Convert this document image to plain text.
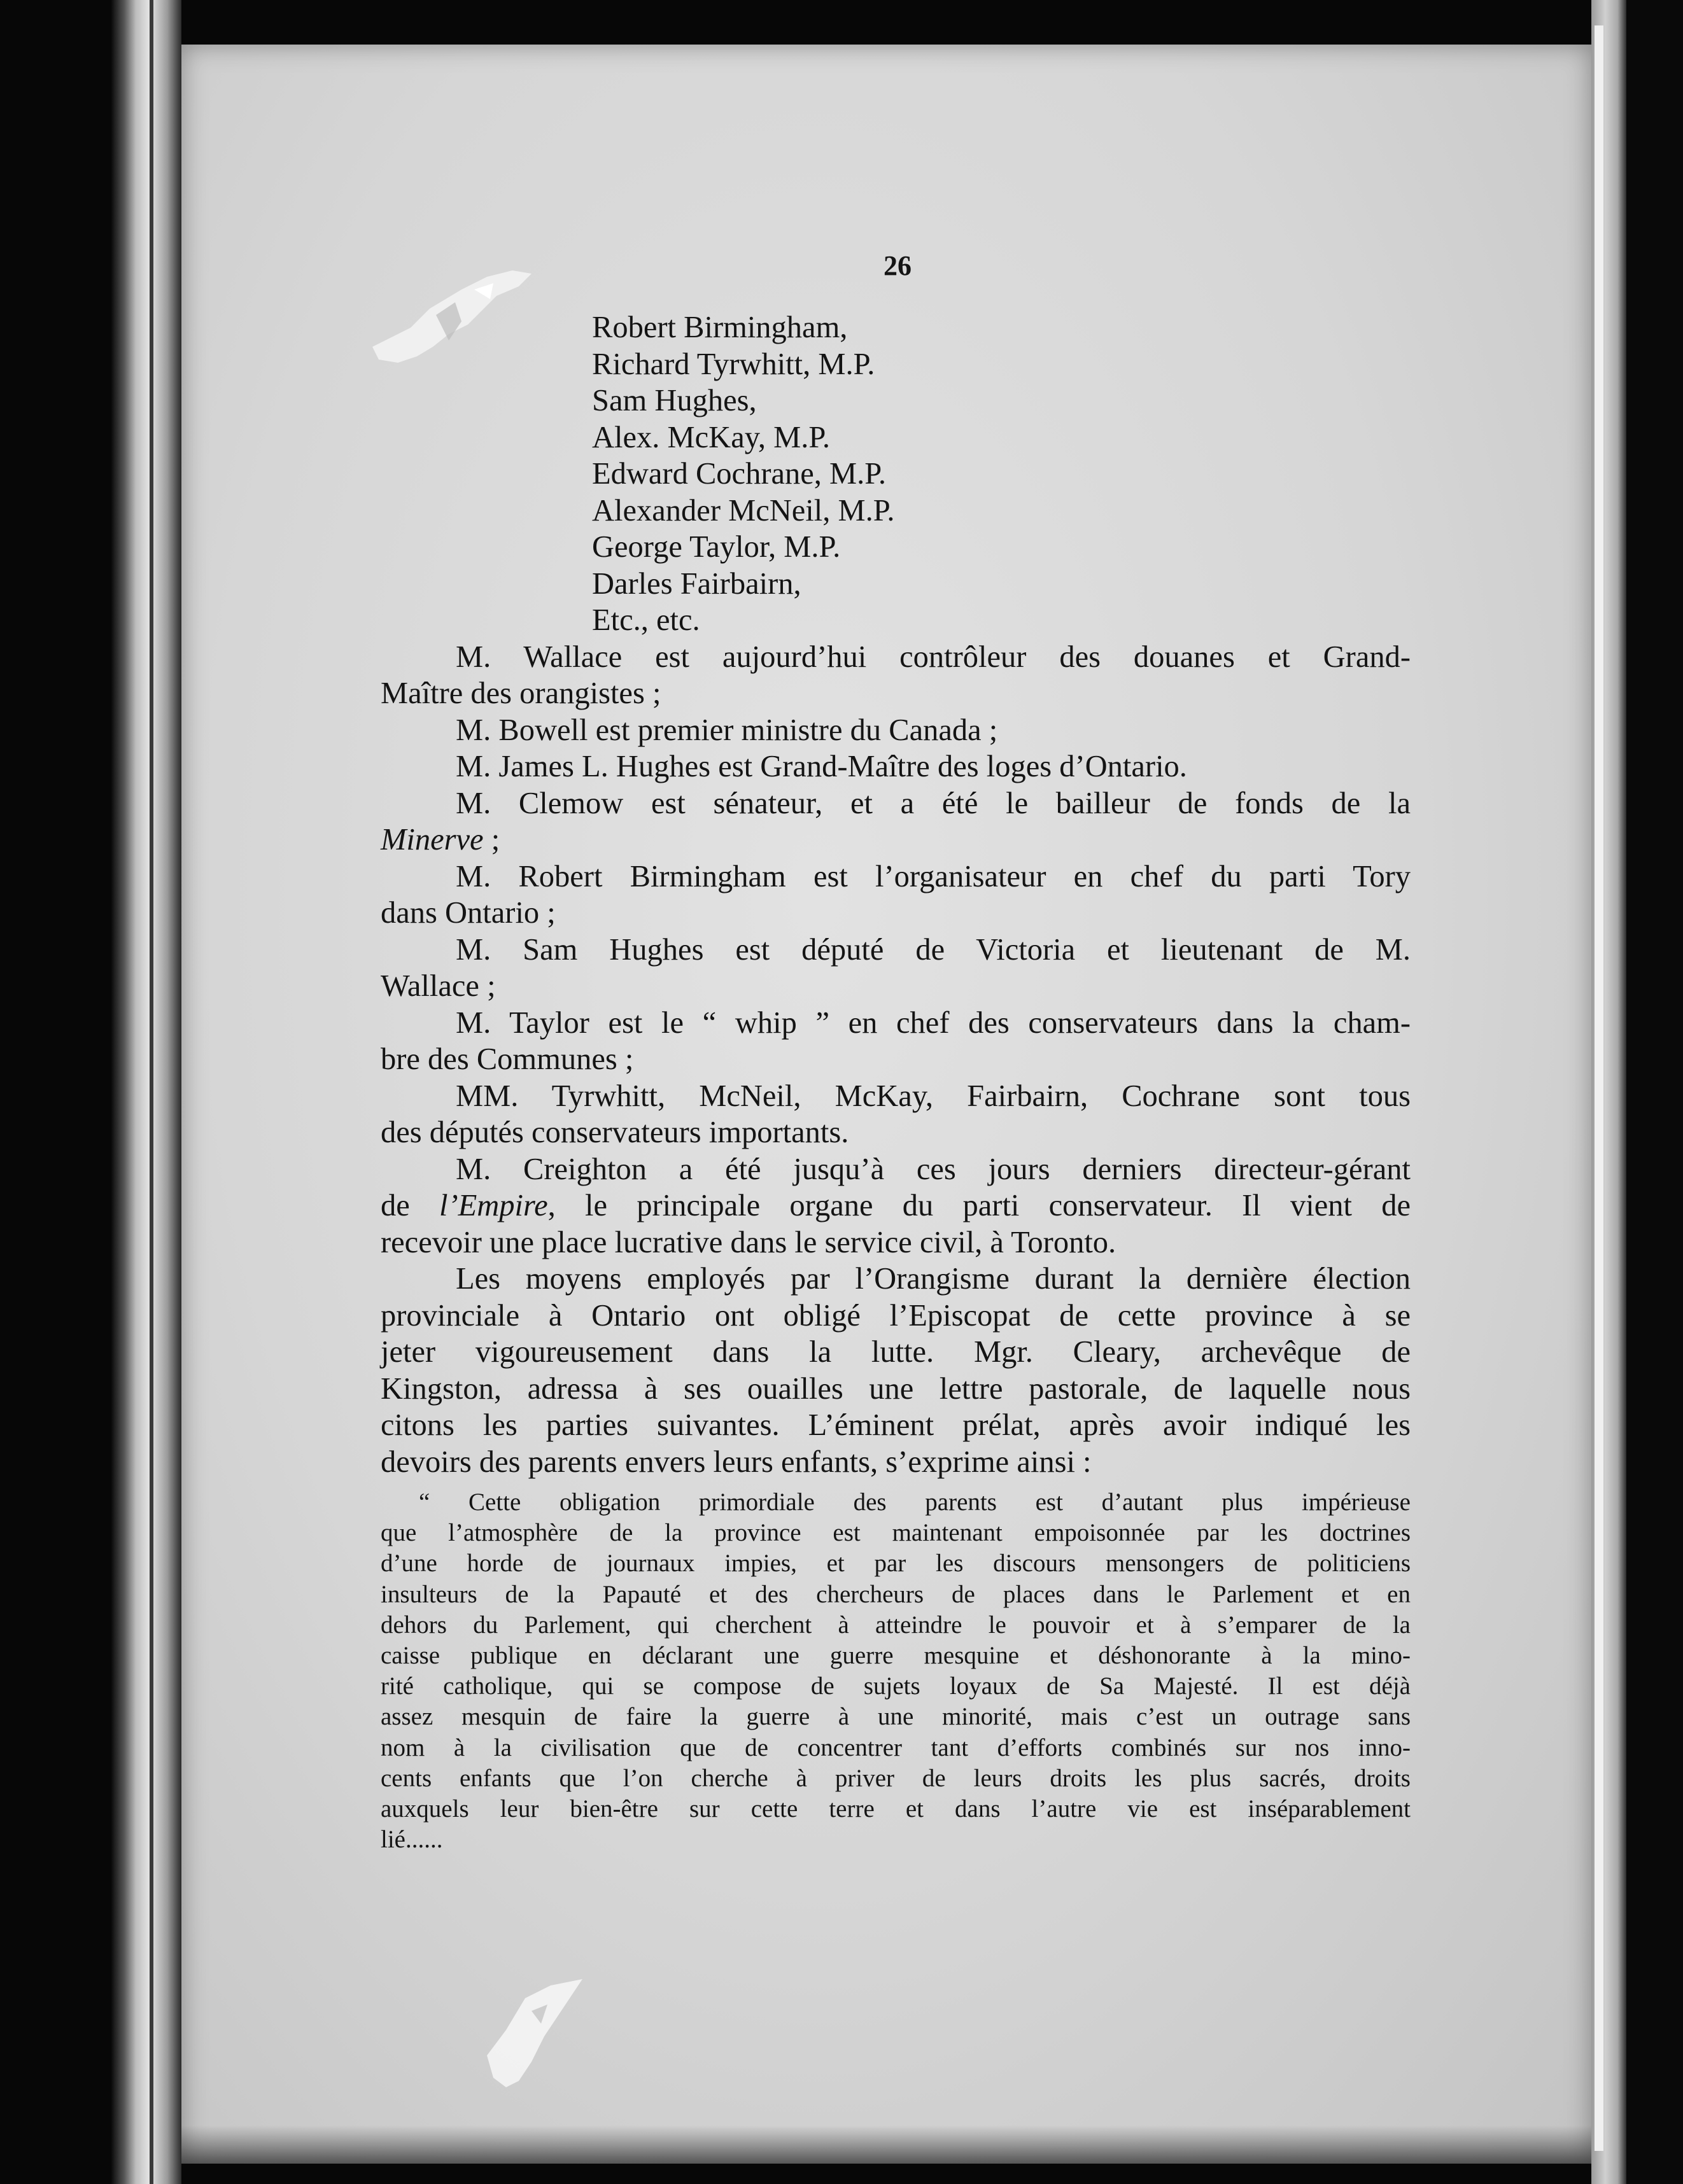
26
Robert Birmingham,
Richard Tyrwhitt, M.P.
Sam Hughes,
Alex. McKay, M.P.
Edward Cochrane, M.P.
Alexander McNeil, M.P.
George Taylor, M.P.
Darles Fairbairn,
Etc., etc.
M. Wallace est aujourd’hui contrôleur des douanes et Grand-
Maître des orangistes ;
M. Bowell est premier ministre du Canada ;
M. James L. Hughes est Grand-Maître des loges d’Ontario.
M. Clemow est sénateur, et a été le bailleur de fonds de la
Minerve ;
M. Robert Birmingham est l’organisateur en chef du parti Tory
dans Ontario ;
M. Sam Hughes est député de Victoria et lieutenant de M.
Wallace ;
M. Taylor est le “ whip ” en chef des conservateurs dans la cham-
bre des Communes ;
MM. Tyrwhitt, McNeil, McKay, Fairbairn, Cochrane sont tous
des députés conservateurs importants.
M. Creighton a été jusqu’à ces jours derniers directeur-gérant
de l’Empire, le principale organe du parti conservateur. Il vient de
recevoir une place lucrative dans le service civil, à Toronto.
Les moyens employés par l’Orangisme durant la dernière élection
provinciale à Ontario ont obligé l’Episcopat de cette province à se
jeter vigoureusement dans la lutte. Mgr. Cleary, archevêque de
Kingston, adressa à ses ouailles une lettre pastorale, de laquelle nous
citons les parties suivantes. L’éminent prélat, après avoir indiqué les
devoirs des parents envers leurs enfants, s’exprime ainsi :
“ Cette obligation primordiale des parents est d’autant plus impérieuse
que l’atmosphère de la province est maintenant empoisonnée par les doctrines
d’une horde de journaux impies, et par les discours mensongers de politiciens
insulteurs de la Papauté et des chercheurs de places dans le Parlement et en
dehors du Parlement, qui cherchent à atteindre le pouvoir et à s’emparer de la
caisse publique en déclarant une guerre mesquine et déshonorante à la mino-
rité catholique, qui se compose de sujets loyaux de Sa Majesté. Il est déjà
assez mesquin de faire la guerre à une minorité, mais c’est un outrage sans
nom à la civilisation que de concentrer tant d’efforts combinés sur nos inno-
cents enfants que l’on cherche à priver de leurs droits les plus sacrés, droits
auxquels leur bien-être sur cette terre et dans l’autre vie est inséparablement
lié......
